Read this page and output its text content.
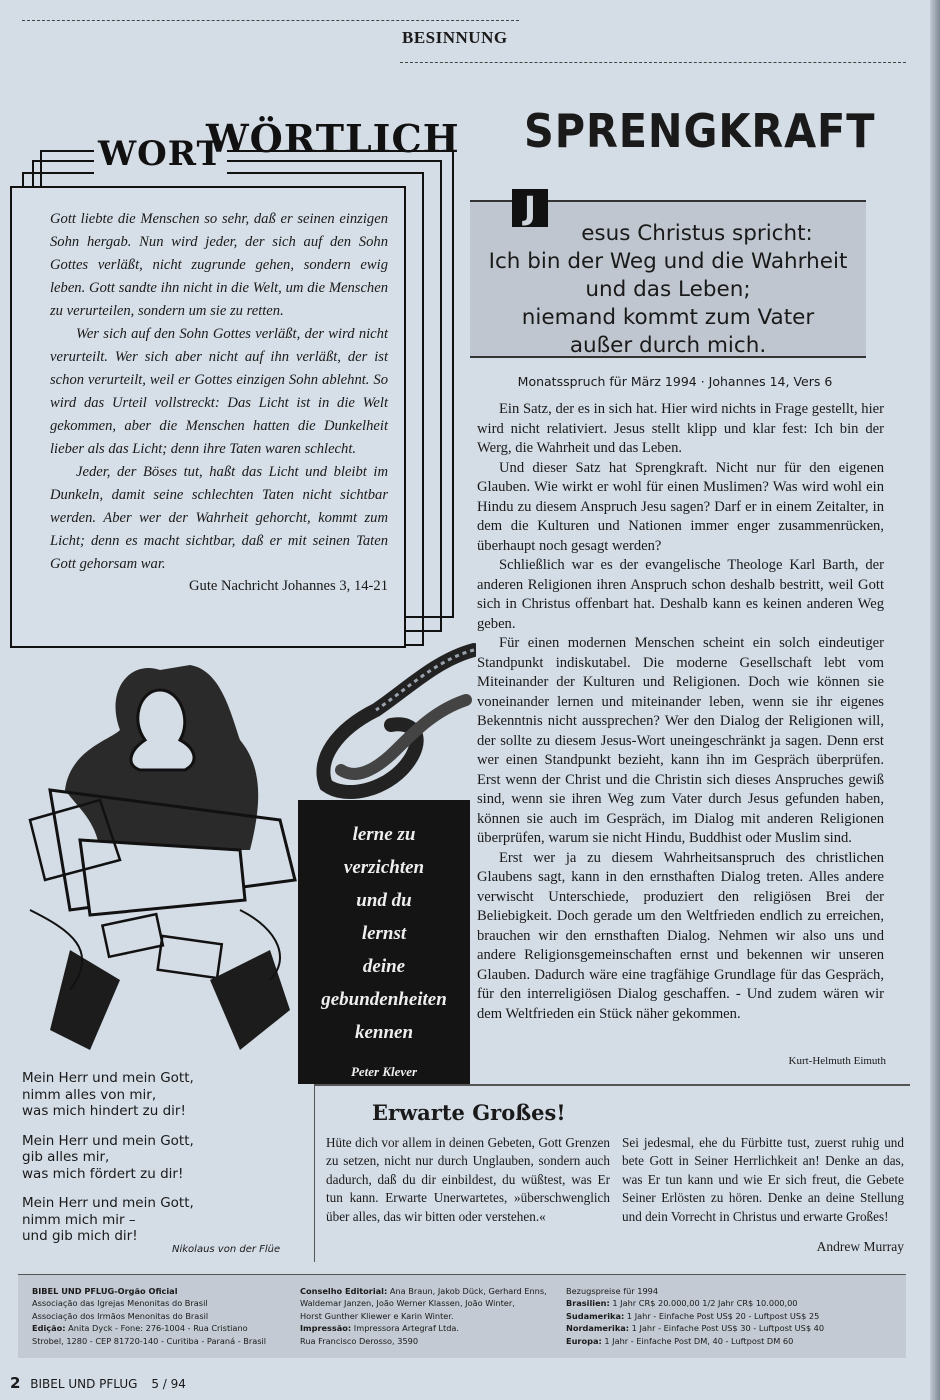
BESINNUNG
WORT
WÖRTLICH

Gott liebte die Menschen so sehr, daß er seinen einzigen Sohn hergab. Nun wird jeder, der sich auf den Sohn Gottes verläßt, nicht zugrunde gehen, sondern ewig leben. Gott sandte ihn nicht in die Welt, um die Menschen zu verurteilen, sondern um sie zu retten.

Wer sich auf den Sohn Gottes verläßt, der wird nicht verurteilt. Wer sich aber nicht auf ihn verläßt, der ist schon verurteilt, weil er Gottes einzigen Sohn ablehnt. So wird das Urteil vollstreckt: Das Licht ist in die Welt gekommen, aber die Menschen hatten die Dunkelheit lieber als das Licht; denn ihre Taten waren schlecht.

Jeder, der Böses tut, haßt das Licht und bleibt im Dunkeln, damit seine schlechten Taten nicht sichtbar werden. Aber wer der Wahrheit gehorcht, kommt zum Licht; denn es macht sichtbar, daß er mit seinen Taten Gott gehorsam war.

Gute Nachricht Johannes 3, 14-21
SPRENGKRAFT
J
esus Christus spricht:
Ich bin der Weg und die Wahrheit
und das Leben;
niemand kommt zum Vater
außer durch mich.
Monatsspruch für März 1994 · Johannes 14, Vers 6

Ein Satz, der es in sich hat. Hier wird nichts in Frage gestellt, hier wird nicht relativiert. Jesus stellt klipp und klar fest: Ich bin der Werg, die Wahrheit und das Leben.

Und dieser Satz hat Sprengkraft. Nicht nur für den eigenen Glauben. Wie wirkt er wohl für einen Muslimen? Was wird wohl ein Hindu zu diesem Anspruch Jesu sagen? Darf er in einem Zeitalter, in dem die Kulturen und Nationen immer enger zusammenrücken, überhaupt noch gesagt werden?

Schließlich war es der evangelische Theologe Karl Barth, der anderen Religionen ihren Anspruch schon deshalb bestritt, weil Gott sich in Christus offenbart hat. Deshalb kann es keinen anderen Weg geben.

Für einen modernen Menschen scheint ein solch eindeutiger Standpunkt indiskutabel. Die moderne Gesellschaft lebt vom Miteinander der Kulturen und Religionen. Doch wie können sie voneinander lernen und miteinander leben, wenn sie ihr eigenes Bekenntnis nicht aussprechen? Wer den Dialog der Religionen will, der sollte zu diesem Jesus-Wort uneingeschränkt ja sagen. Denn erst wer einen Standpunkt bezieht, kann ihn im Gespräch überprüfen. Erst wenn der Christ und die Christin sich dieses Anspruches gewiß sind, wenn sie ihren Weg zum Vater durch Jesus gefunden haben, können sie auch im Gespräch, im Dialog mit anderen Religionen überprüfen, warum sie nicht Hindu, Buddhist oder Muslim sind.

Erst wer ja zu diesem Wahrheitsanspruch des christlichen Glaubens sagt, kann in den ernsthaften Dialog treten. Alles andere verwischt Unterschiede, produziert den religiösen Brei der Beliebigkeit. Doch gerade um den Weltfrieden endlich zu erreichen, brauchen wir den ernsthaften Dialog. Nehmen wir also uns und andere Religionsgemeinschaften ernst und bekennen wir unseren Glauben. Dadurch wäre eine tragfähige Grundlage für das Gespräch, für den interreligiösen Dialog geschaffen. - Und zudem wären wir dem Weltfrieden ein Stück näher gekommen.

Kurt-Helmuth Eimuth
lerne zu
verzichten
und du
lernst
deine
gebundenheiten
kennen
Peter Klever
Mein Herr und mein Gott,
nimm alles von mir,
was mich hindert zu dir!
Mein Herr und mein Gott,
gib alles mir,
was mich fördert zu dir!
Mein Herr und mein Gott,
nimm mich mir –
und gib mich dir!
Nikolaus von der Flüe
Erwarte Großes!
Hüte dich vor allem in deinen Gebeten, Gott Grenzen zu setzen, nicht nur durch Unglauben, sondern auch dadurch, daß du dir einbildest, du wüßtest, was Er tun kann. Erwarte Unerwartetes, »überschwenglich über alles, das wir bitten oder verstehen.«
Sei jedesmal, ehe du Fürbitte tust, zuerst ruhig und bete Gott in Seiner Herrlichkeit an! Denke an das, was Er tun kann und wie Er sich freut, die Gebete Seiner Erlösten zu hören. Denke an deine Stellung und dein Vorrecht in Christus und erwarte Großes!
Andrew Murray
BIBEL UND PFLUG-Orgão Oficial
Associação das Igrejas Menonitas do Brasil
Associação dos Irmãos Menonitas do Brasil
Edição: Anita Dyck - Fone: 276-1004 - Rua Cristiano
Strobel, 1280 - CEP 81720-140 - Curitiba - Paraná - Brasil
Conselho Editorial: Ana Braun, Jakob Dück, Gerhard Enns,
Waldemar Janzen, João Werner Klassen, João Winter,
Horst Gunther Kliewer e Karin Winter.
Impressão: Impressora Artegraf Ltda.
Rua Francisco Derosso, 3590
Bezugspreise für 1994
Brasilien: 1 Jahr CR$ 20.000,00 1/2 Jahr CR$ 10.000,00
Sudamerika: 1 Jahr - Einfache Post US$ 20 - Luftpost US$ 25
Nordamerika: 1 Jahr - Einfache Post US$ 30 - Luftpost US$ 40
Europa: 1 Jahr - Einfache Post DM, 40 - Luftpost DM 60
2 BIBEL UND PFLUG 5 / 94
